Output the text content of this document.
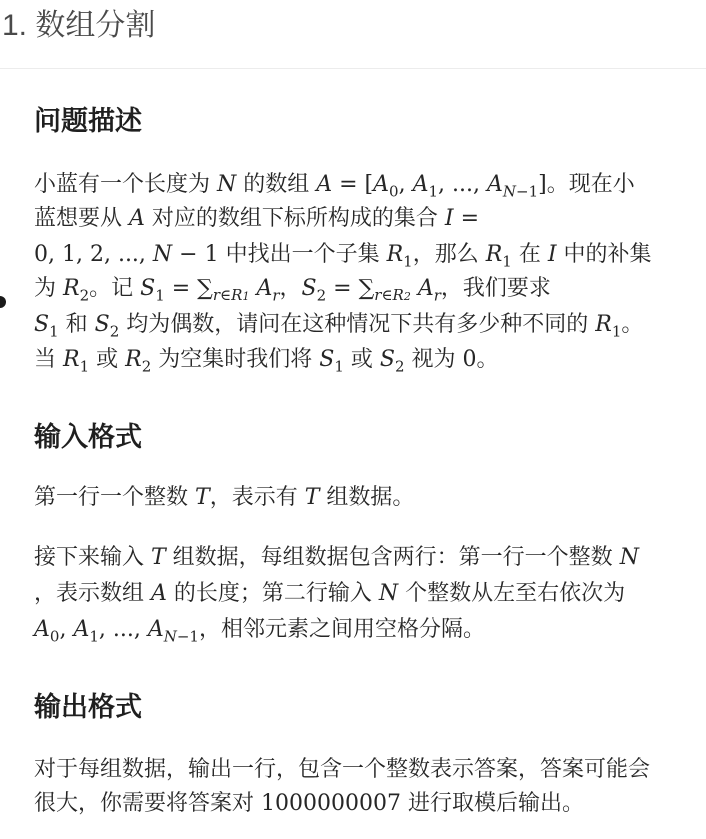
1. 数组分割
问题描述
小蓝有一个长度为 N 的数组 $A = [A_0$, $A_1$, ..., $A_{N-1}$]。现在小
蓝想要从 A 对应的数组下标所构成的集合 I =
0, 1, 2, ..., N − 1 中找出一个子集 $R_1$，那么 $R_1$ 在 I 中的补集
为 $R_2$。记 $S_1 = \sum_{r\in R1}$ $A_r$，$S_2 = \sum_{r\in R2}$ $A_r$，我们要求
$S_1$ 和 $S_2$ 均为偶数，请问在这种情况下共有多少种不同的 $R_1$。
当 $R_1$ 或 $R_2$ 为空集时我们将 $S_1$ 或 $S_2$ 视为 0。
输入格式
第一行一个整数 T，表示有 T 组数据。
接下来输入 T 组数据，每组数据包含两行：第一行一个整数 N
，表示数组 A 的长度；第二行输入 N 个整数从左至右依次为
$A_0$, $A_1$, ..., $A_{N-1}$，相邻元素之间用空格分隔。
输出格式
对于每组数据，输出一行，包含一个整数表示答案，答案可能会
很大，你需要将答案对 1000000007 进行取模后输出。
